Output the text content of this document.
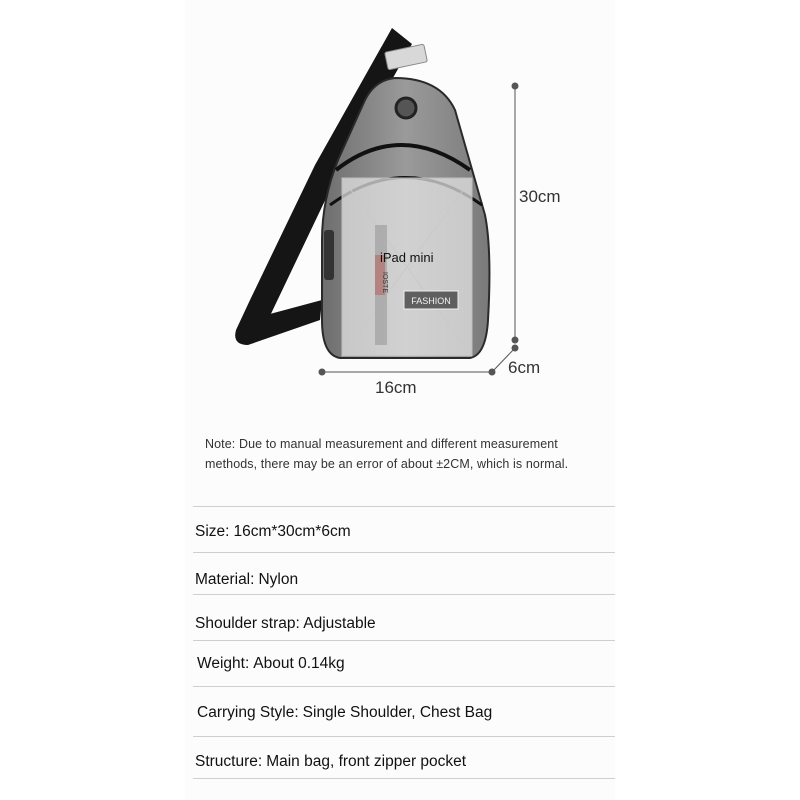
iPad mini
IOSTE
FASHION
30cm
16cm
6cm
Note: Due to manual measurement and different measurement
methods, there may be an error of about ±2CM, which is normal.
Size: 16cm*30cm*6cm
Material: Nylon
Shoulder strap: Adjustable
Weight: About 0.14kg
Carrying Style: Single Shoulder, Chest Bag
Structure: Main bag, front zipper pocket
